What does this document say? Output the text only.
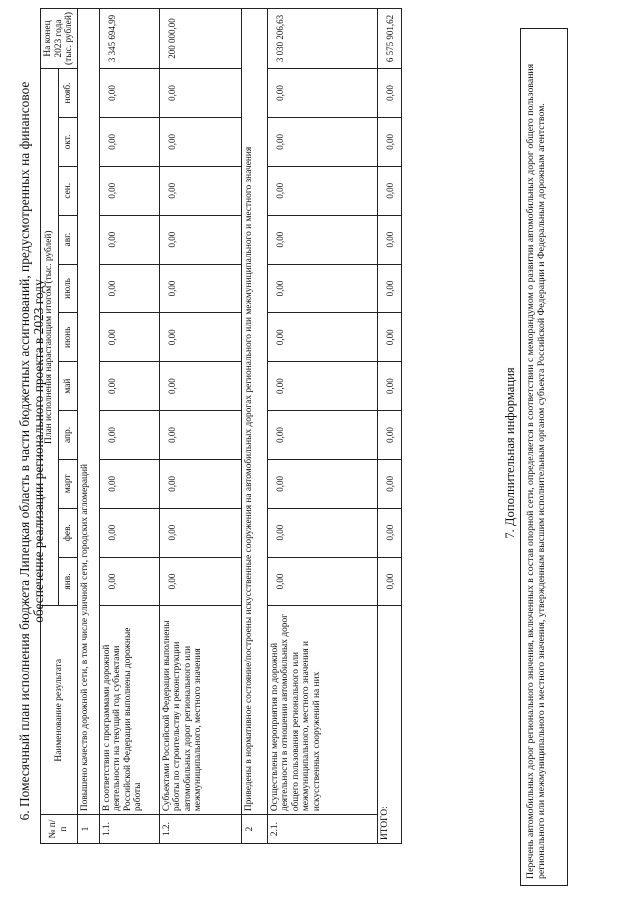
6. Помесячный план исполнения бюджета Липецкая область в части бюджетных ассигнований, предусмотренных на финансовое обеспечение реализации регионального проекта в 2023 году
№ п/п	Наименование результата	План исполнения нарастающим итогом (тыс. рублей)											На конец 2023 года (тыс. рублей)
		янв.	фев.	март	апр.	май	июнь	июль	авг.	сен.	окт.	нояб.	
1	Повышено качество дорожной сети, в том числе уличной сети, городских агломераций												
1.1.	В соответствии с программами дорожной деятельности на текущий год субъектами Российской Федерации выполнены дорожные работы	0,00	0,00	0,00	0,00	0,00	0,00	0,00	0,00	0,00	0,00	0,00	3 345 694,99
1.2.	Субъектами Российской Федерации выполнены работы по строительству и реконструкции автомобильных дорог регионального или межмуниципального, местного значения	0,00	0,00	0,00	0,00	0,00	0,00	0,00	0,00	0,00	0,00	0,00	200 000,00
2	Приведены в нормативное состояние/построены искусственные сооружения на автомобильных дорогах регионального или межмуниципального и местного значения												
2.1.	Осуществлены мероприятия по дорожной деятельности в отношении автомобильных дорог общего пользования регионального или межмуниципального, местного значения и искусственных сооружений на них	0,00	0,00	0,00	0,00	0,00	0,00	0,00	0,00	0,00	0,00	0,00	3 030 206,63
ИТОГО:		0,00	0,00	0,00	0,00	0,00	0,00	0,00	0,00	0,00	0,00	0,00	6 575 901,62
7. Дополнительная информация Перечень автомобильных дорог регионального значения, включенных в состав опорной сети, определяется в соответствии с меморандумом о развитии автомобильных дорог общего пользования регионального или межмуниципального и местного значения, утвержденным высшим исполнительным органом субъекта Российской Федерации и Федеральным дорожным агентством.
